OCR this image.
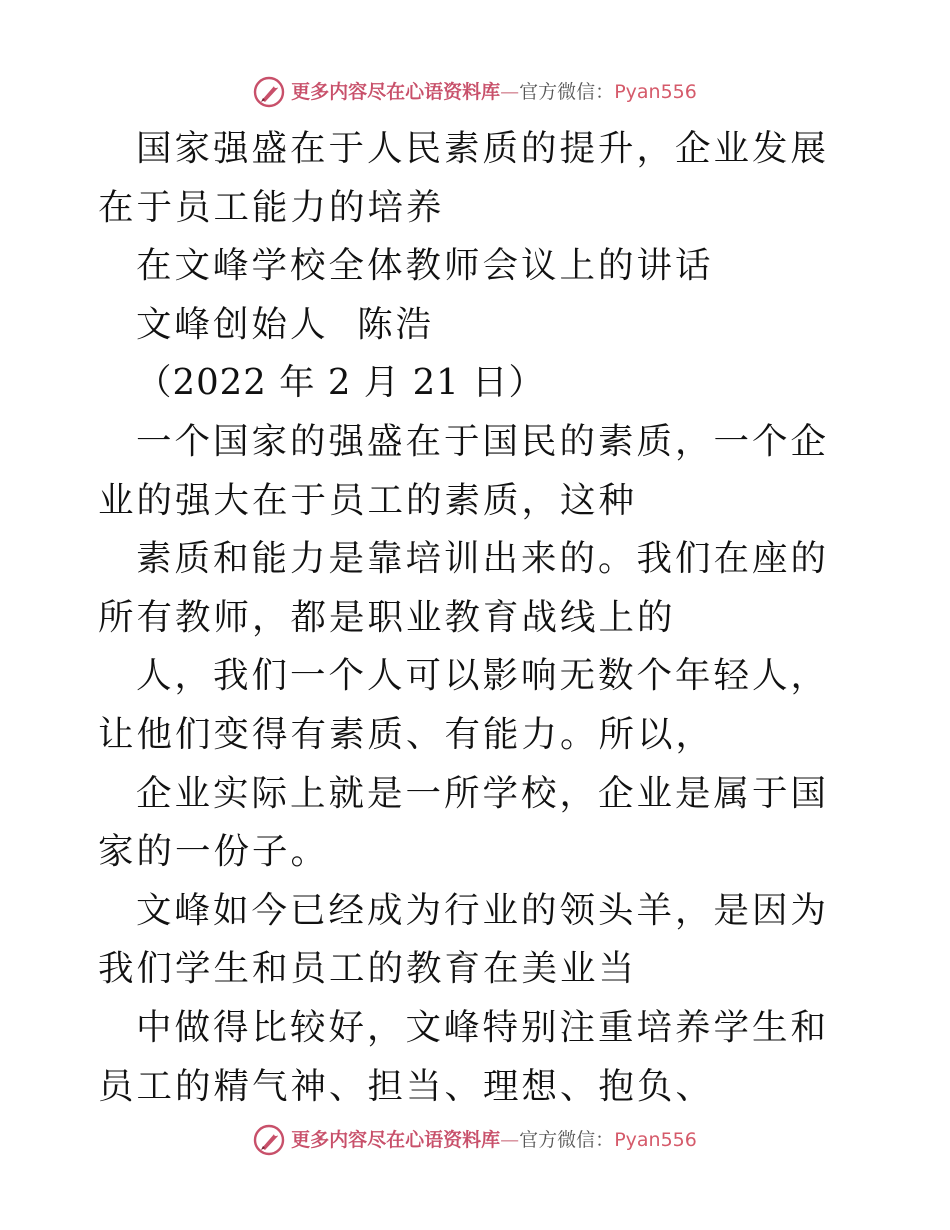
更多内容尽在心语资料库—官方微信：Pyan556

国家强盛在于人民素质的提升，企业发展在于员工能力的培养

在文峰学校全体教师会议上的讲话

文峰创始人  陈浩

（2022 年 2 月 21 日）

一个国家的强盛在于国民的素质，一个企业的强大在于员工的素质，这种

素质和能力是靠培训出来的。我们在座的所有教师，都是职业教育战线上的

人，我们一个人可以影响无数个年轻人，让他们变得有素质、有能力。所以，

企业实际上就是一所学校，企业是属于国家的一份子。

文峰如今已经成为行业的领头羊，是因为我们学生和员工的教育在美业当

中做得比较好，文峰特别注重培养学生和员工的精气神、担当、理想、抱负、

更多内容尽在心语资料库—官方微信：Pyan556
